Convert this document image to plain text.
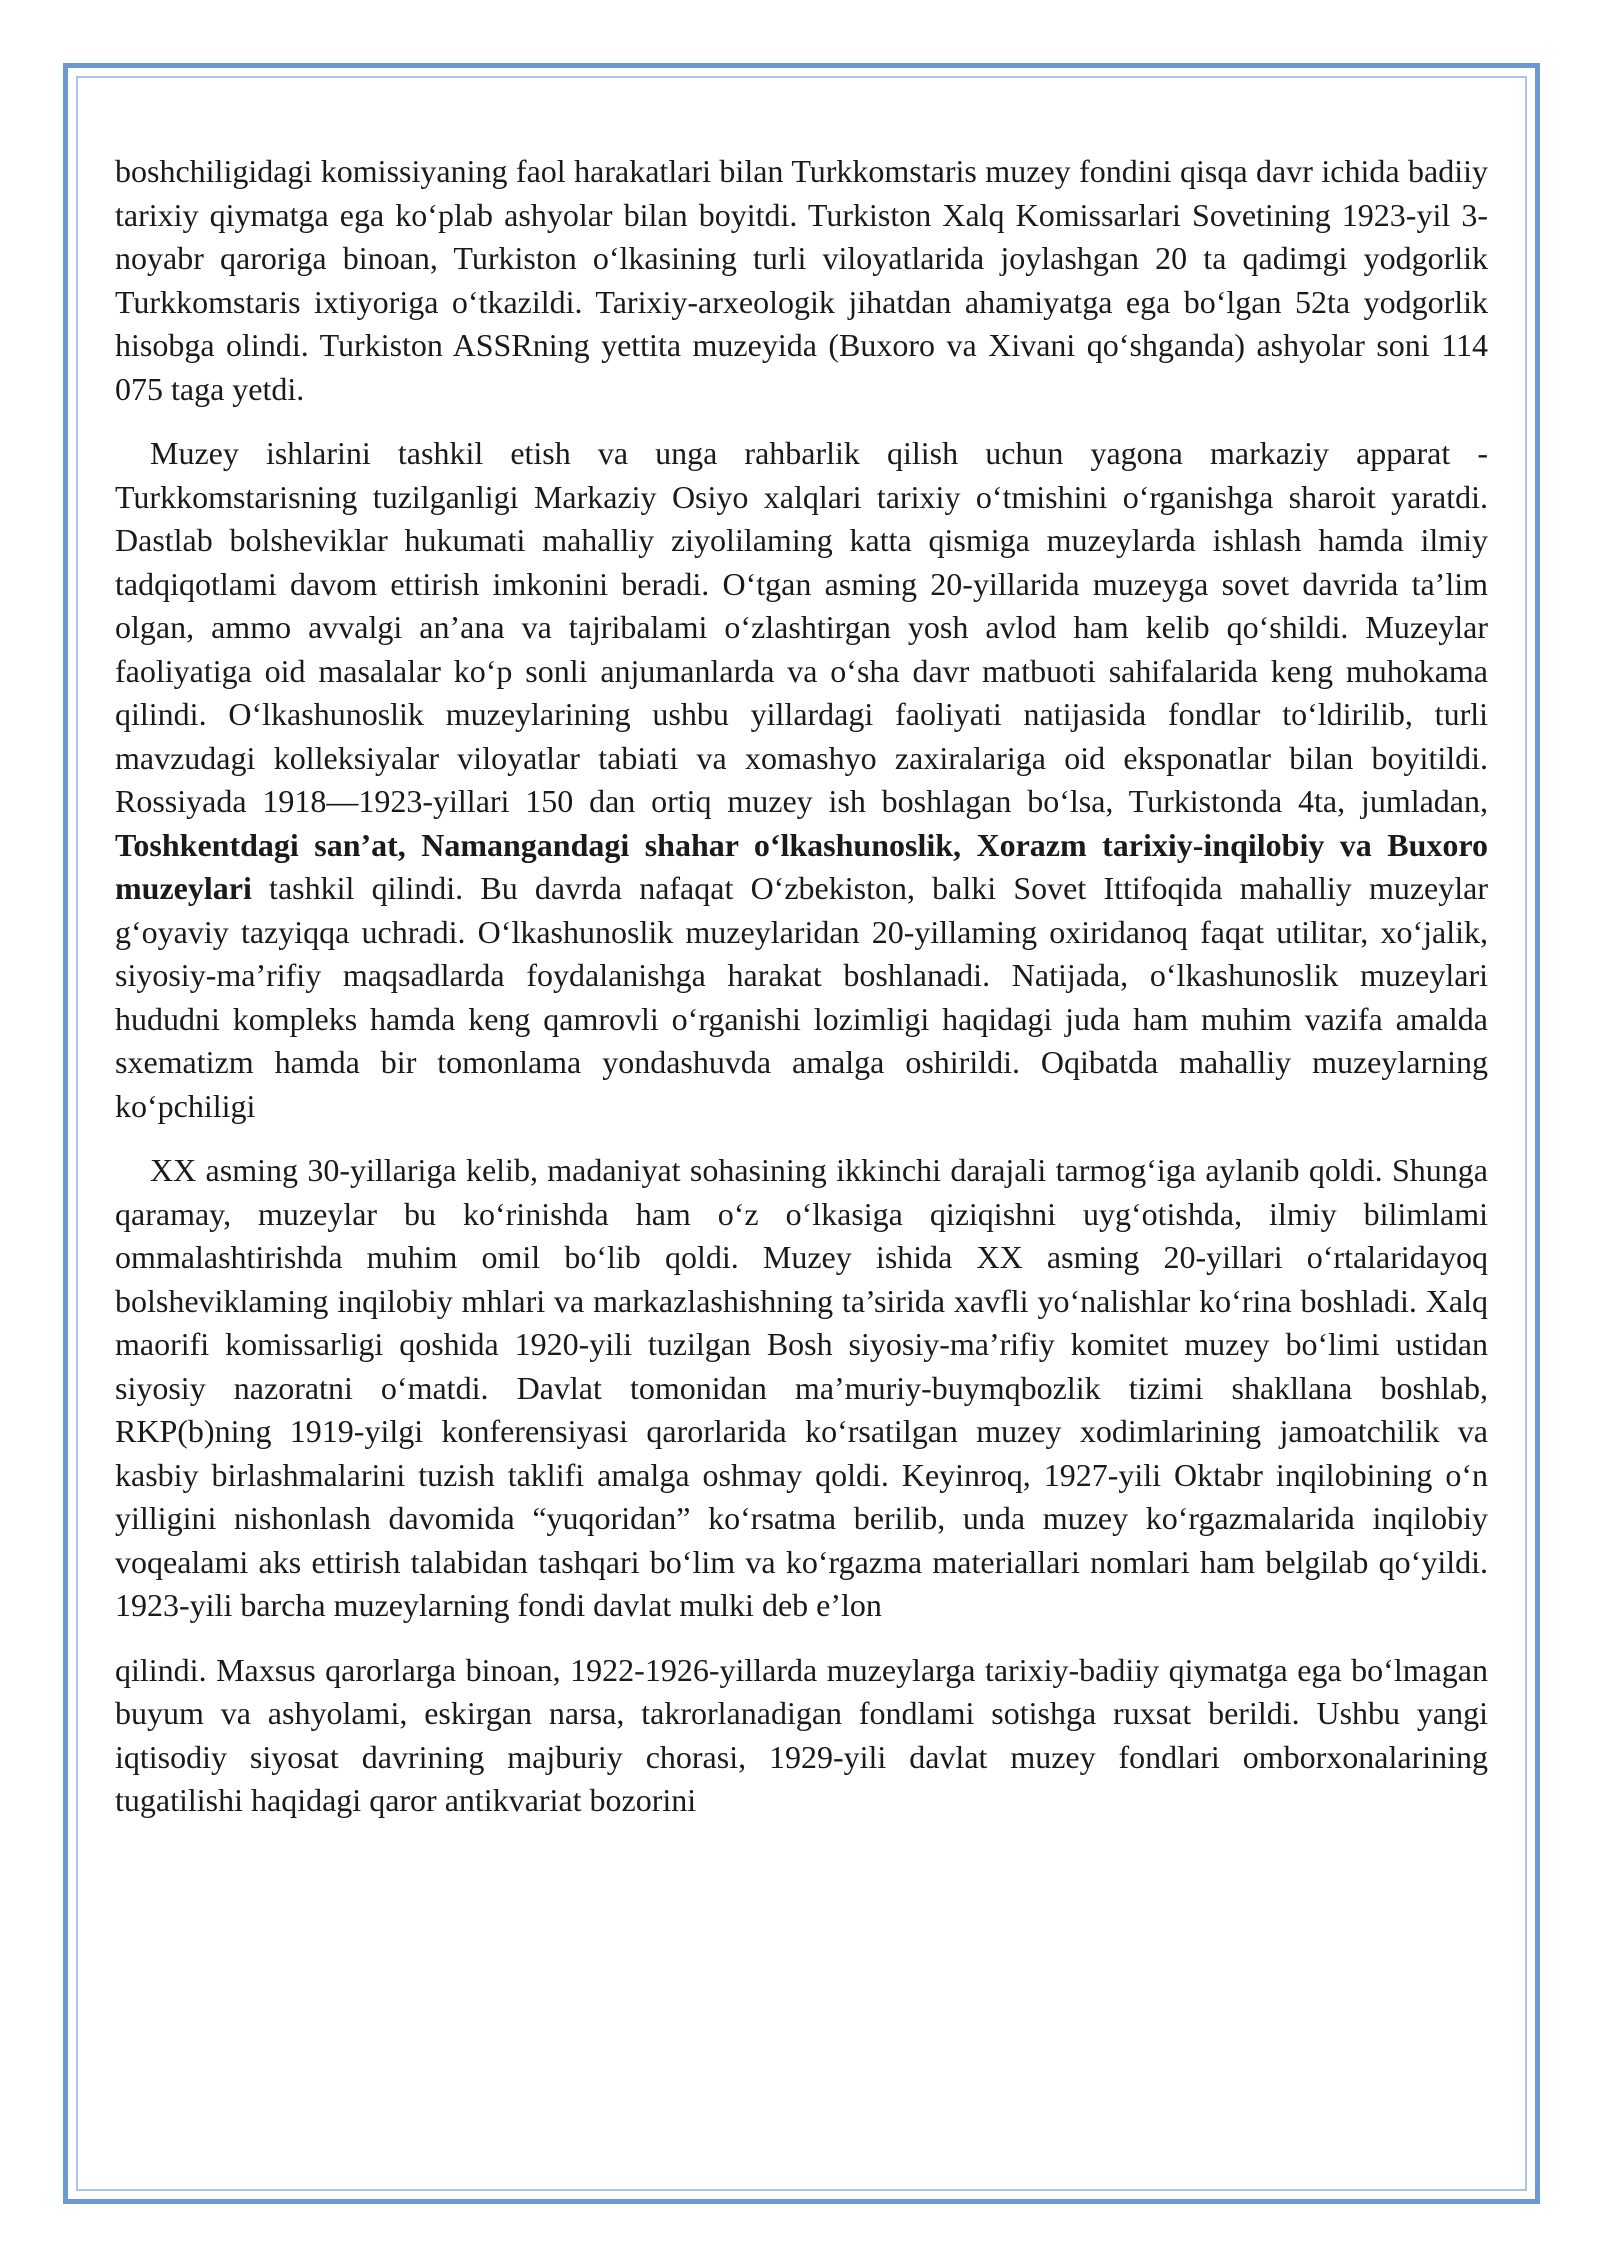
boshchiligidagi komissiyaning faol harakatlari bilan Turkkomstaris muzey fondini qisqa davr ichida badiiy tarixiy qiymatga ega ko‘plab ashyolar bilan boyitdi. Turkiston Xalq Komissarlari Sovetining 1923-yil 3-noyabr qaroriga binoan, Turkiston o‘lkasining turli viloyatlarida joylashgan 20 ta qadimgi yodgorlik Turkkomstaris ixtiyoriga o‘tkazildi. Tarixiy-arxeologik jihatdan ahamiyatga ega bo‘lgan 52ta yodgorlik hisobga olindi. Turkiston ASSRning yettita muzeyida (Buxoro va Xivani qo‘shganda) ashyolar soni 114 075 taga yetdi.

Muzey ishlarini tashkil etish va unga rahbarlik qilish uchun yagona markaziy apparat - Turkkomstarisning tuzilganligi Markaziy Osiyo xalqlari tarixiy o‘tmishini o‘rganishga sharoit yaratdi. Dastlab bolsheviklar hukumati mahalliy ziyolilaming katta qismiga muzeylarda ishlash hamda ilmiy tadqiqotlami davom ettirish imkonini beradi. O‘tgan asming 20-yillarida muzeyga sovet davrida ta’lim olgan, ammo avvalgi an’ana va tajribalami o‘zlashtirgan yosh avlod ham kelib qo‘shildi. Muzeylar faoliyatiga oid masalalar ko‘p sonli anjumanlarda va o‘sha davr matbuoti sahifalarida keng muhokama qilindi. O‘lkashunoslik muzeylarining ushbu yillardagi faoliyati natijasida fondlar to‘ldirilib, turli mavzudagi kolleksiyalar viloyatlar tabiati va xomashyo zaxiralariga oid eksponatlar bilan boyitildi. Rossiyada 1918—1923-yillari 150 dan ortiq muzey ish boshlagan bo‘lsa, Turkistonda 4ta, jumladan, Toshkentdagi san’at, Namangandagi shahar o‘lkashunoslik, Xorazm tarixiy-inqilobiy va Buxoro muzeylari tashkil qilindi. Bu davrda nafaqat O‘zbekiston, balki Sovet Ittifoqida mahalliy muzeylar g‘oyaviy tazyiqqa uchradi. O‘lkashunoslik muzeylaridan 20-yillaming oxiridanoq faqat utilitar, xo‘jalik, siyosiy-ma’rifiy maqsadlarda foydalanishga harakat boshlanadi. Natijada, o‘lkashunoslik muzeylari hududni kompleks hamda keng qamrovli o‘rganishi lozimligi haqidagi juda ham muhim vazifa amalda sxematizm hamda bir tomonlama yondashuvda amalga oshirildi. Oqibatda mahalliy muzeylarning ko‘pchiligi

XX asming 30-yillariga kelib, madaniyat sohasining ikkinchi darajali tarmog‘iga aylanib qoldi. Shunga qaramay, muzeylar bu ko‘rinishda ham o‘z o‘lkasiga qiziqishni uyg‘otishda, ilmiy bilimlami ommalashtirishda muhim omil bo‘lib qoldi. Muzey ishida XX asming 20-yillari o‘rtalaridayoq bolsheviklaming inqilobiy mhlari va markazlashishning ta’sirida xavfli yo‘nalishlar ko‘rina boshladi. Xalq maorifi komissarligi qoshida 1920-yili tuzilgan Bosh siyosiy-ma’rifiy komitet muzey bo‘limi ustidan siyosiy nazoratni o‘matdi. Davlat tomonidan ma’muriy-buymqbozlik tizimi shakllana boshlab, RKP(b)ning 1919-yilgi konferensiyasi qarorlarida ko‘rsatilgan muzey xodimlarining jamoatchilik va kasbiy birlashmalarini tuzish taklifi amalga oshmay qoldi. Keyinroq, 1927-yili Oktabr inqilobining o‘n yilligini nishonlash davomida “yuqoridan” ko‘rsatma berilib, unda muzey ko‘rgazmalarida inqilobiy voqealami aks ettirish talabidan tashqari bo‘lim va ko‘rgazma materiallari nomlari ham belgilab qo‘yildi. 1923-yili barcha muzeylarning fondi davlat mulki deb e’lon

qilindi. Maxsus qarorlarga binoan, 1922-1926-yillarda muzeylarga tarixiy-badiiy qiymatga ega bo‘lmagan buyum va ashyolami, eskirgan narsa, takrorlanadigan fondlami sotishga ruxsat berildi. Ushbu yangi iqtisodiy siyosat davrining majburiy chorasi, 1929-yili davlat muzey fondlari omborxonalarining tugatilishi haqidagi qaror antikvariat bozorini
